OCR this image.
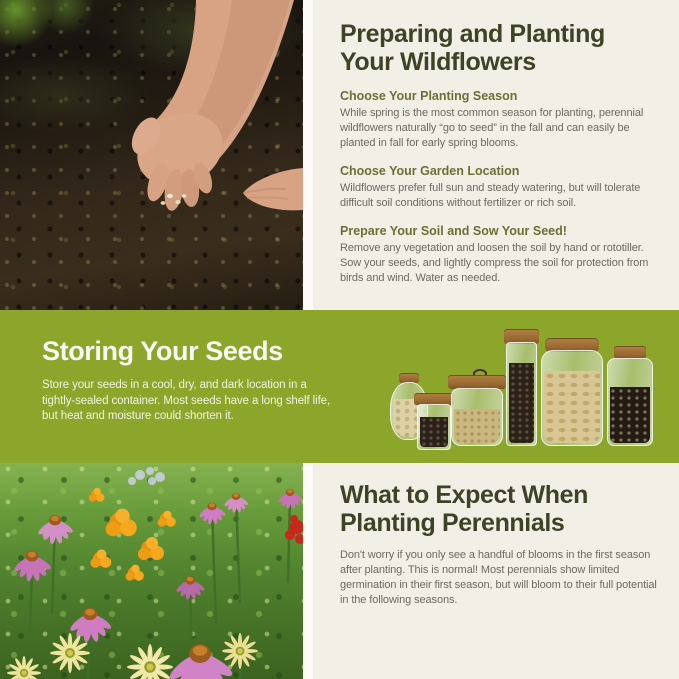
Preparing and Planting
Your Wildflowers
Choose Your Planting Season

While spring is the most common season for planting, perennial wildflowers naturally “go to seed” in the fall and can easily be planted in fall for early spring blooms.

Choose Your Garden Location

Wildflowers prefer full sun and steady watering, but will tolerate difficult soil conditions without fertilizer or rich soil.

Prepare Your Soil and Sow Your Seed!

Remove any vegetation and loosen the soil by hand or rototiller. Sow your seeds, and lightly compress the soil for protection from birds and wind. Water as needed.

Storing Your Seeds

Store your seeds in a cool, dry, and dark location in a tightly-sealed container. Most seeds have a long shelf life, but heat and moisture could shorten it.

What to Expect When
Planting Perennials

Don't worry if you only see a handful of blooms in the first season after planting. This is normal! Most perennials show limited germination in their first season, but will bloom to their full potential in the following seasons.
